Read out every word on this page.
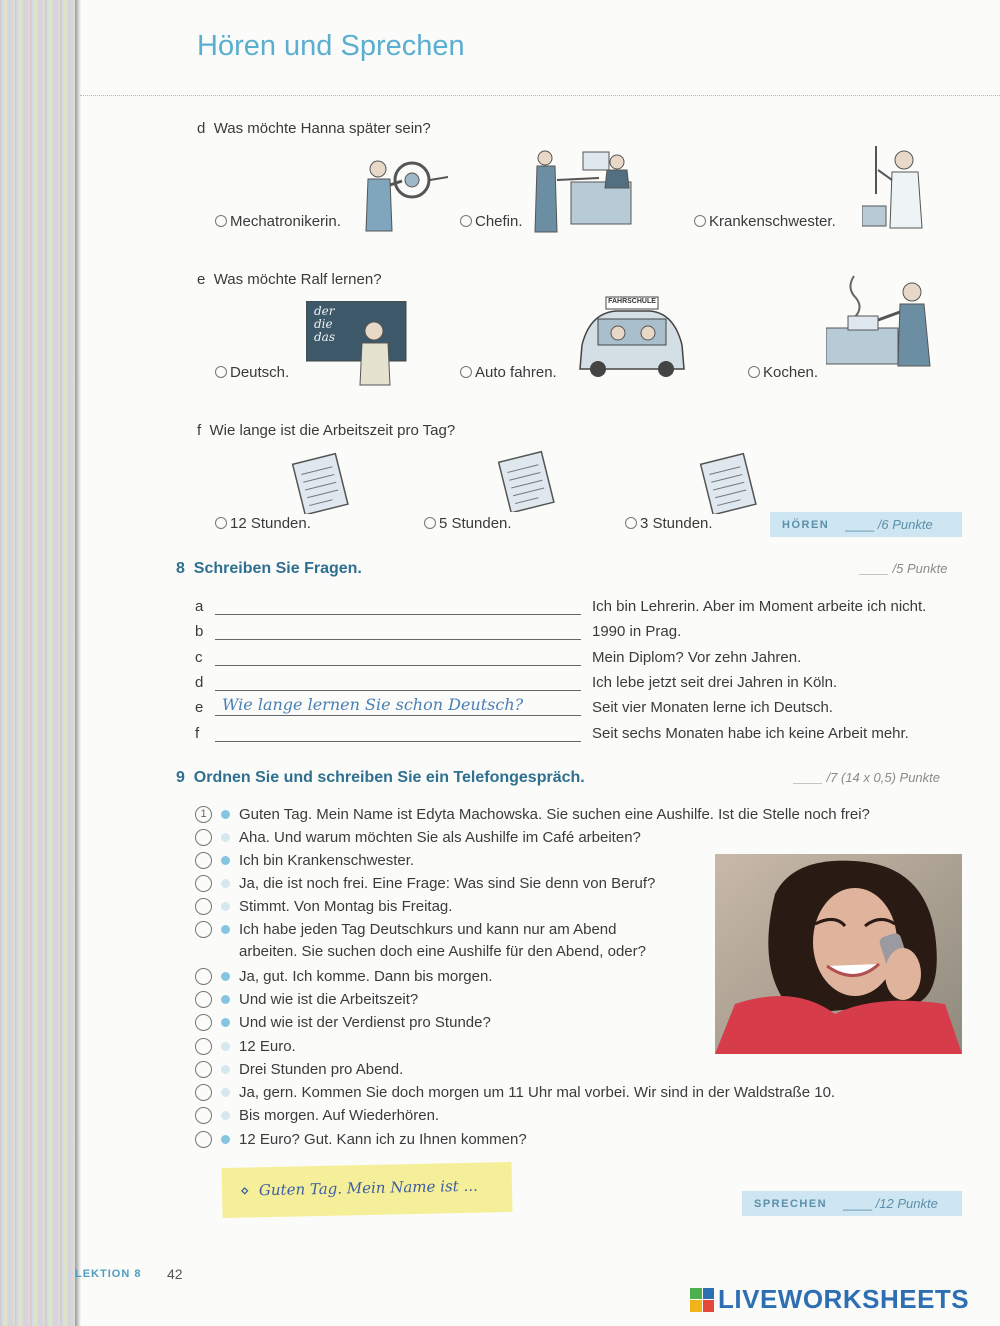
Hören und Sprechen
d Was möchte Hanna später sein?
Mechatronikerin.	Chefin.	Krankenschwester.
e Was möchte Ralf lernen?
der
die
das
Deutsch.
FAHRSCHULE
Auto fahren.	Kochen.
f Wie lange ist die Arbeitszeit pro Tag?
12 Stunden.	5 Stunden.	3 Stunden.	HÖREN ____
/6 Punkte
8 Schreiben Sie Fragen.	____ /5 Punkte
a	Ich bin Lehrerin. Aber im Moment arbeite ich nicht.
b	1990 in Prag.
c	Mein Diplom? Vor zehn Jahren.
d	Ich lebe jetzt seit drei Jahren in Köln.
e Wie lange lernen Sie schon Deutsch?	Seit vier Monaten lerne ich Deutsch.
f	Seit sechs Monaten habe ich keine Arbeit mehr.
9 Ordnen Sie und schreiben Sie ein Telefongespräch.	____ /7 (14 x 0,5) Punkte
1	Guten Tag. Mein Name ist Edyta Machowska. Sie suchen eine Aushilfe. Ist die Stelle noch frei?
Aha. Und warum möchten Sie als Aushilfe im Café arbeiten?
Ich bin Krankenschwester.
Ja, die ist noch frei. Eine Frage: Was sind Sie denn von Beruf?
Stimmt. Von Montag bis Freitag.
Ich habe jeden Tag Deutschkurs und kann nur am Abend
arbeiten. Sie suchen doch eine Aushilfe für den Abend, oder?
Ja, gut. Ich komme. Dann bis morgen.
Und wie ist die Arbeitszeit?
Und wie ist der Verdienst pro Stunde?
12 Euro.
Drei Stunden pro Abend.
Ja, gern. Kommen Sie doch morgen um 11 Uhr mal vorbei. Wir sind in der Waldstraße 10.
Bis morgen. Auf Wiederhören.
12 Euro? Gut. Kann ich zu Ihnen kommen?
⋄ Guten Tag. Mein Name ist ...
SPRECHEN ____
/12 Punkte
LEKTION 8 42
LIVEWORKSHEETS
